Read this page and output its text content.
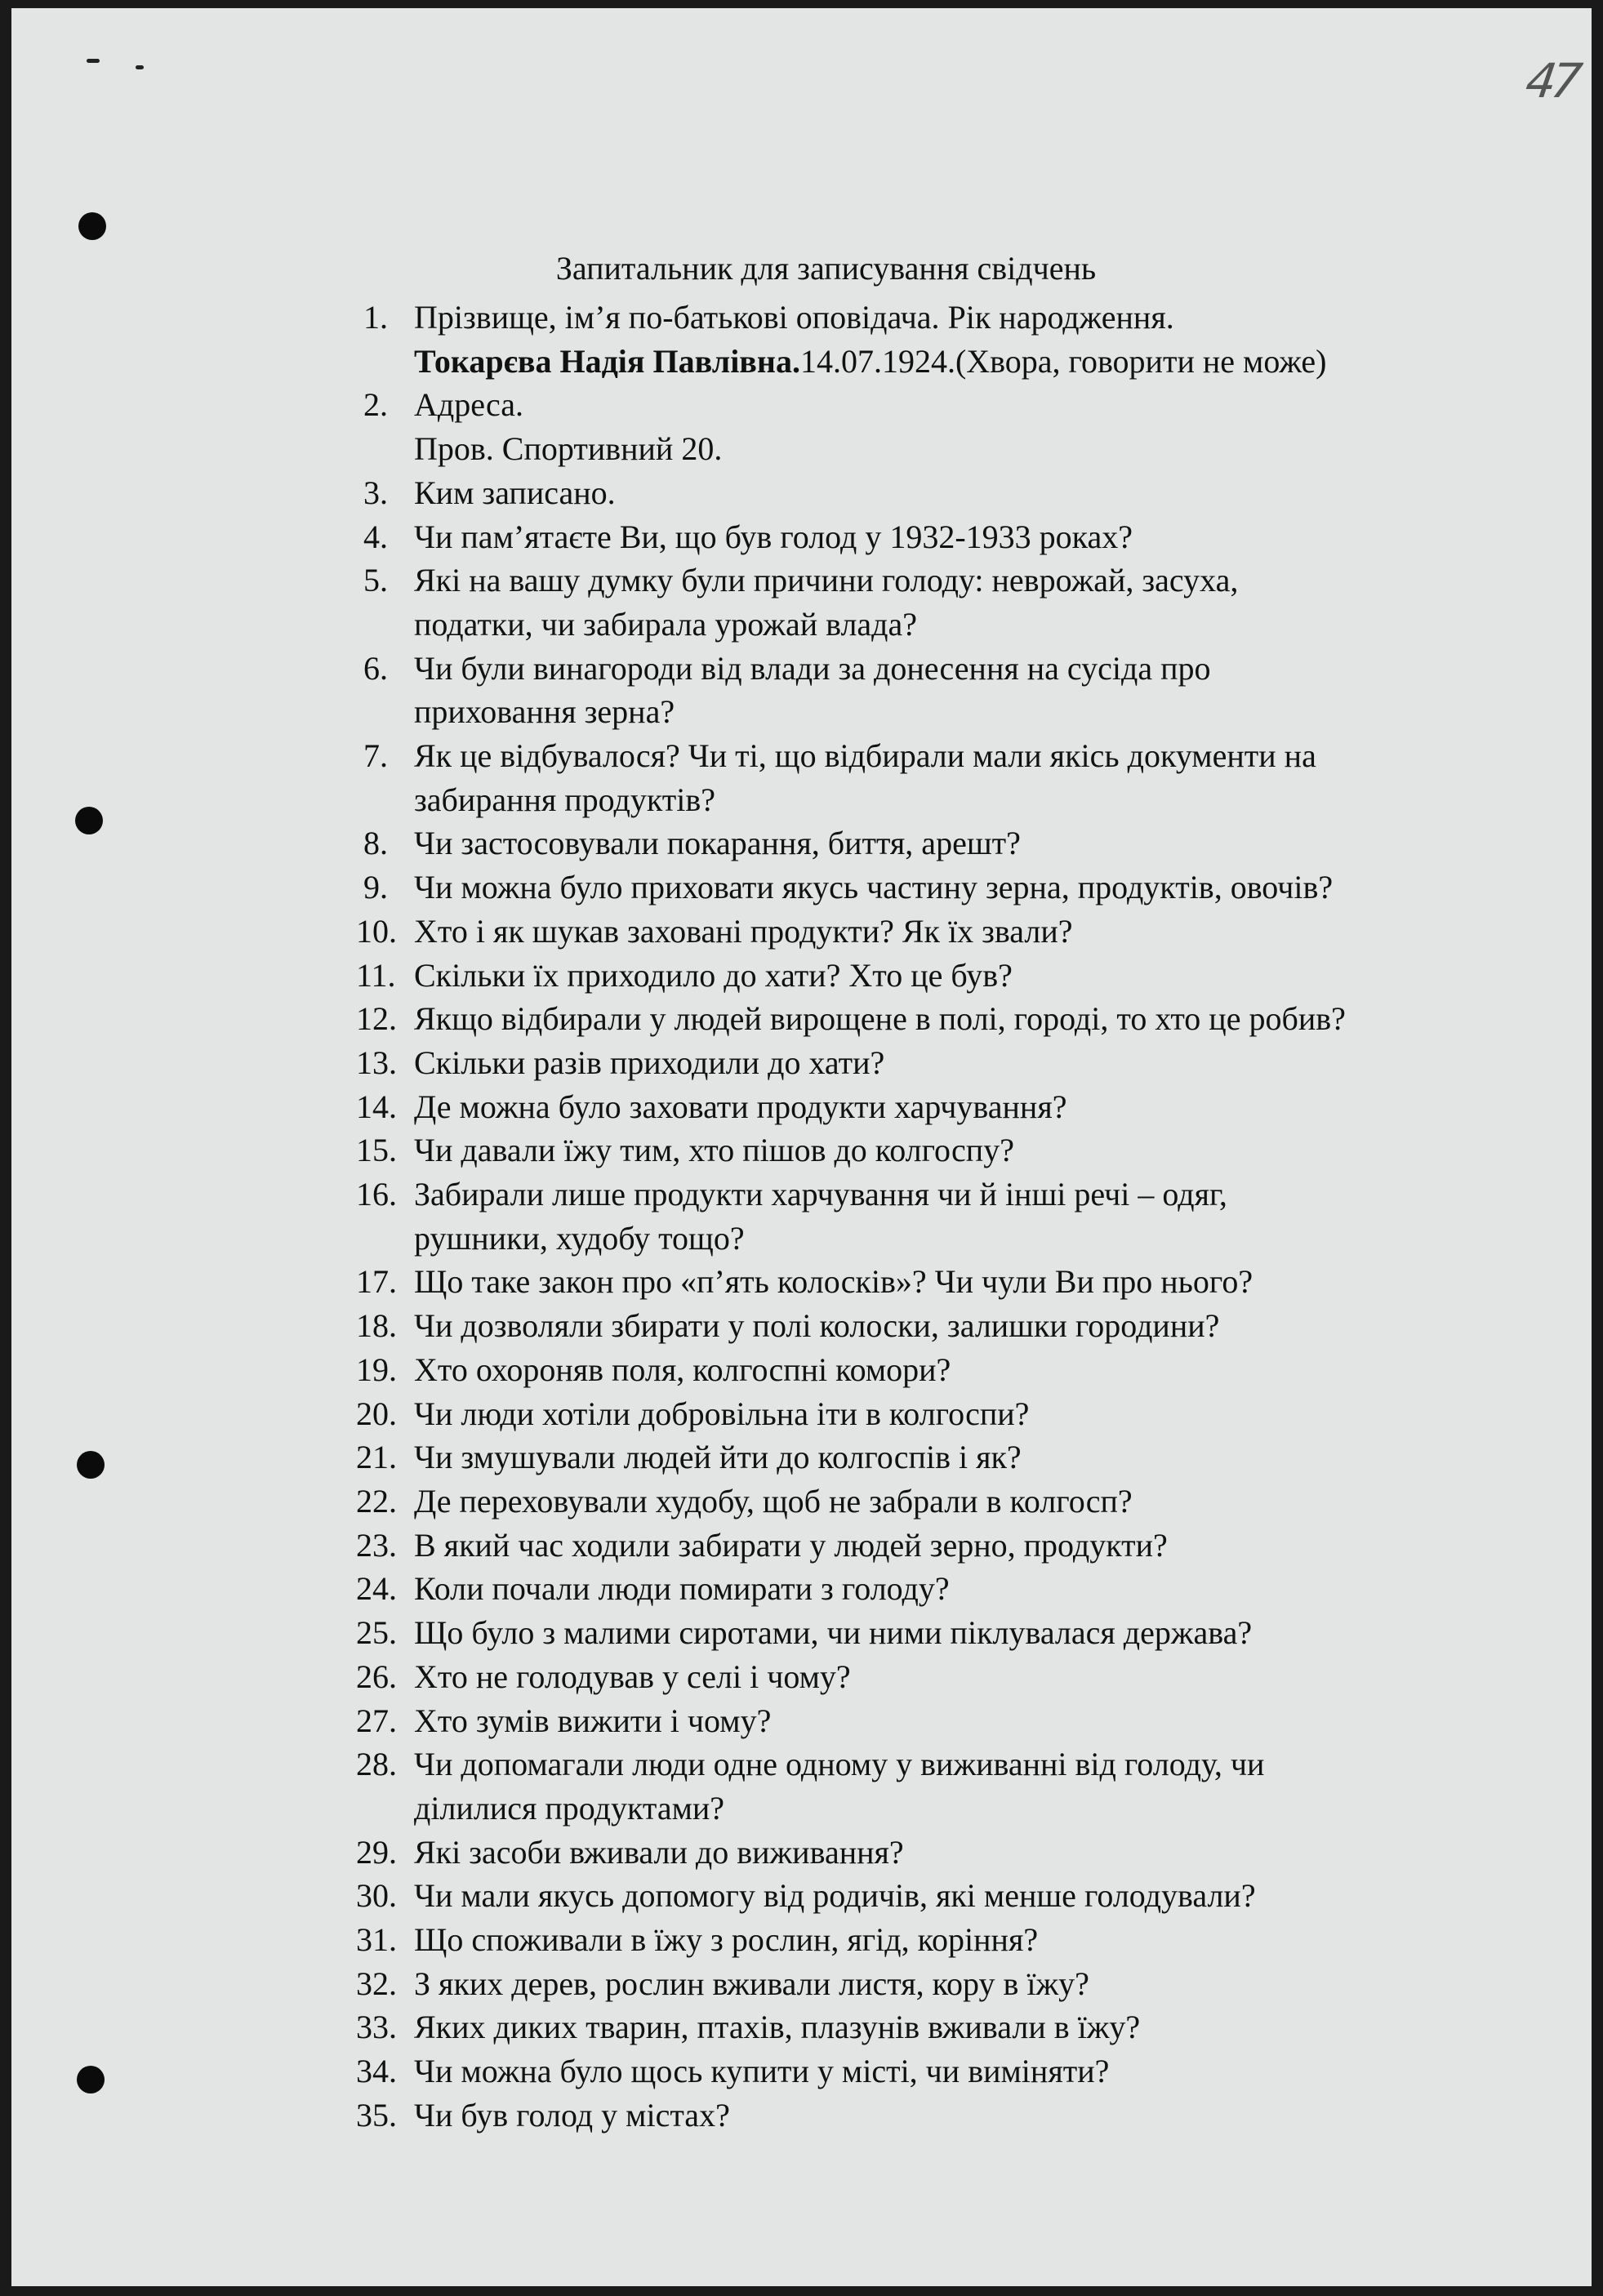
47
Запитальник для записування свідчень
1. Прізвище, ім’я по-батькові оповідача. Рік народження.
Токарєва Надія Павлівна.14.07.1924.(Хвора, говорити не може)
2. Адреса.
Пров. Спортивний 20.
3. Ким записано.
4. Чи пам’ятаєте Ви, що був голод у 1932-1933 роках?
5. Які на вашу думку були причини голоду: неврожай, засуха,
податки, чи забирала урожай влада?
6. Чи були винагороди від влади за донесення на сусіда про
приховання зерна?
7. Як це відбувалося? Чи ті, що відбирали мали якісь документи на
забирання продуктів?
8. Чи застосовували покарання, биття, арешт?
9. Чи можна було приховати якусь частину зерна, продуктів, овочів?
10. Хто і як шукав заховані продукти? Як їх звали?
11. Скільки їх приходило до хати? Хто це був?
12. Якщо відбирали у людей вирощене в полі, городі, то хто це робив?
13. Скільки разів приходили до хати?
14. Де можна було заховати продукти харчування?
15. Чи давали їжу тим, хто пішов до колгоспу?
16. Забирали лише продукти харчування чи й інші речі – одяг,
рушники, худобу тощо?
17. Що таке закон про «п’ять колосків»? Чи чули Ви про нього?
18. Чи дозволяли збирати у полі колоски, залишки городини?
19. Хто охороняв поля, колгоспні комори?
20. Чи люди хотіли добровільна іти в колгоспи?
21. Чи змушували людей йти до колгоспів і як?
22. Де переховували худобу, щоб не забрали в колгосп?
23. В який час ходили забирати у людей зерно, продукти?
24. Коли почали люди помирати з голоду?
25. Що було з малими сиротами, чи ними піклувалася держава?
26. Хто не голодував у селі і чому?
27. Хто зумів вижити і чому?
28. Чи допомагали люди одне одному у виживанні від голоду, чи
ділилися продуктами?
29. Які засоби вживали до виживання?
30. Чи мали якусь допомогу від родичів, які менше голодували?
31. Що споживали в їжу з рослин, ягід, коріння?
32. З яких дерев, рослин вживали листя, кору в їжу?
33. Яких диких тварин, птахів, плазунів вживали в їжу?
34. Чи можна було щось купити у місті, чи виміняти?
35. Чи був голод у містах?
